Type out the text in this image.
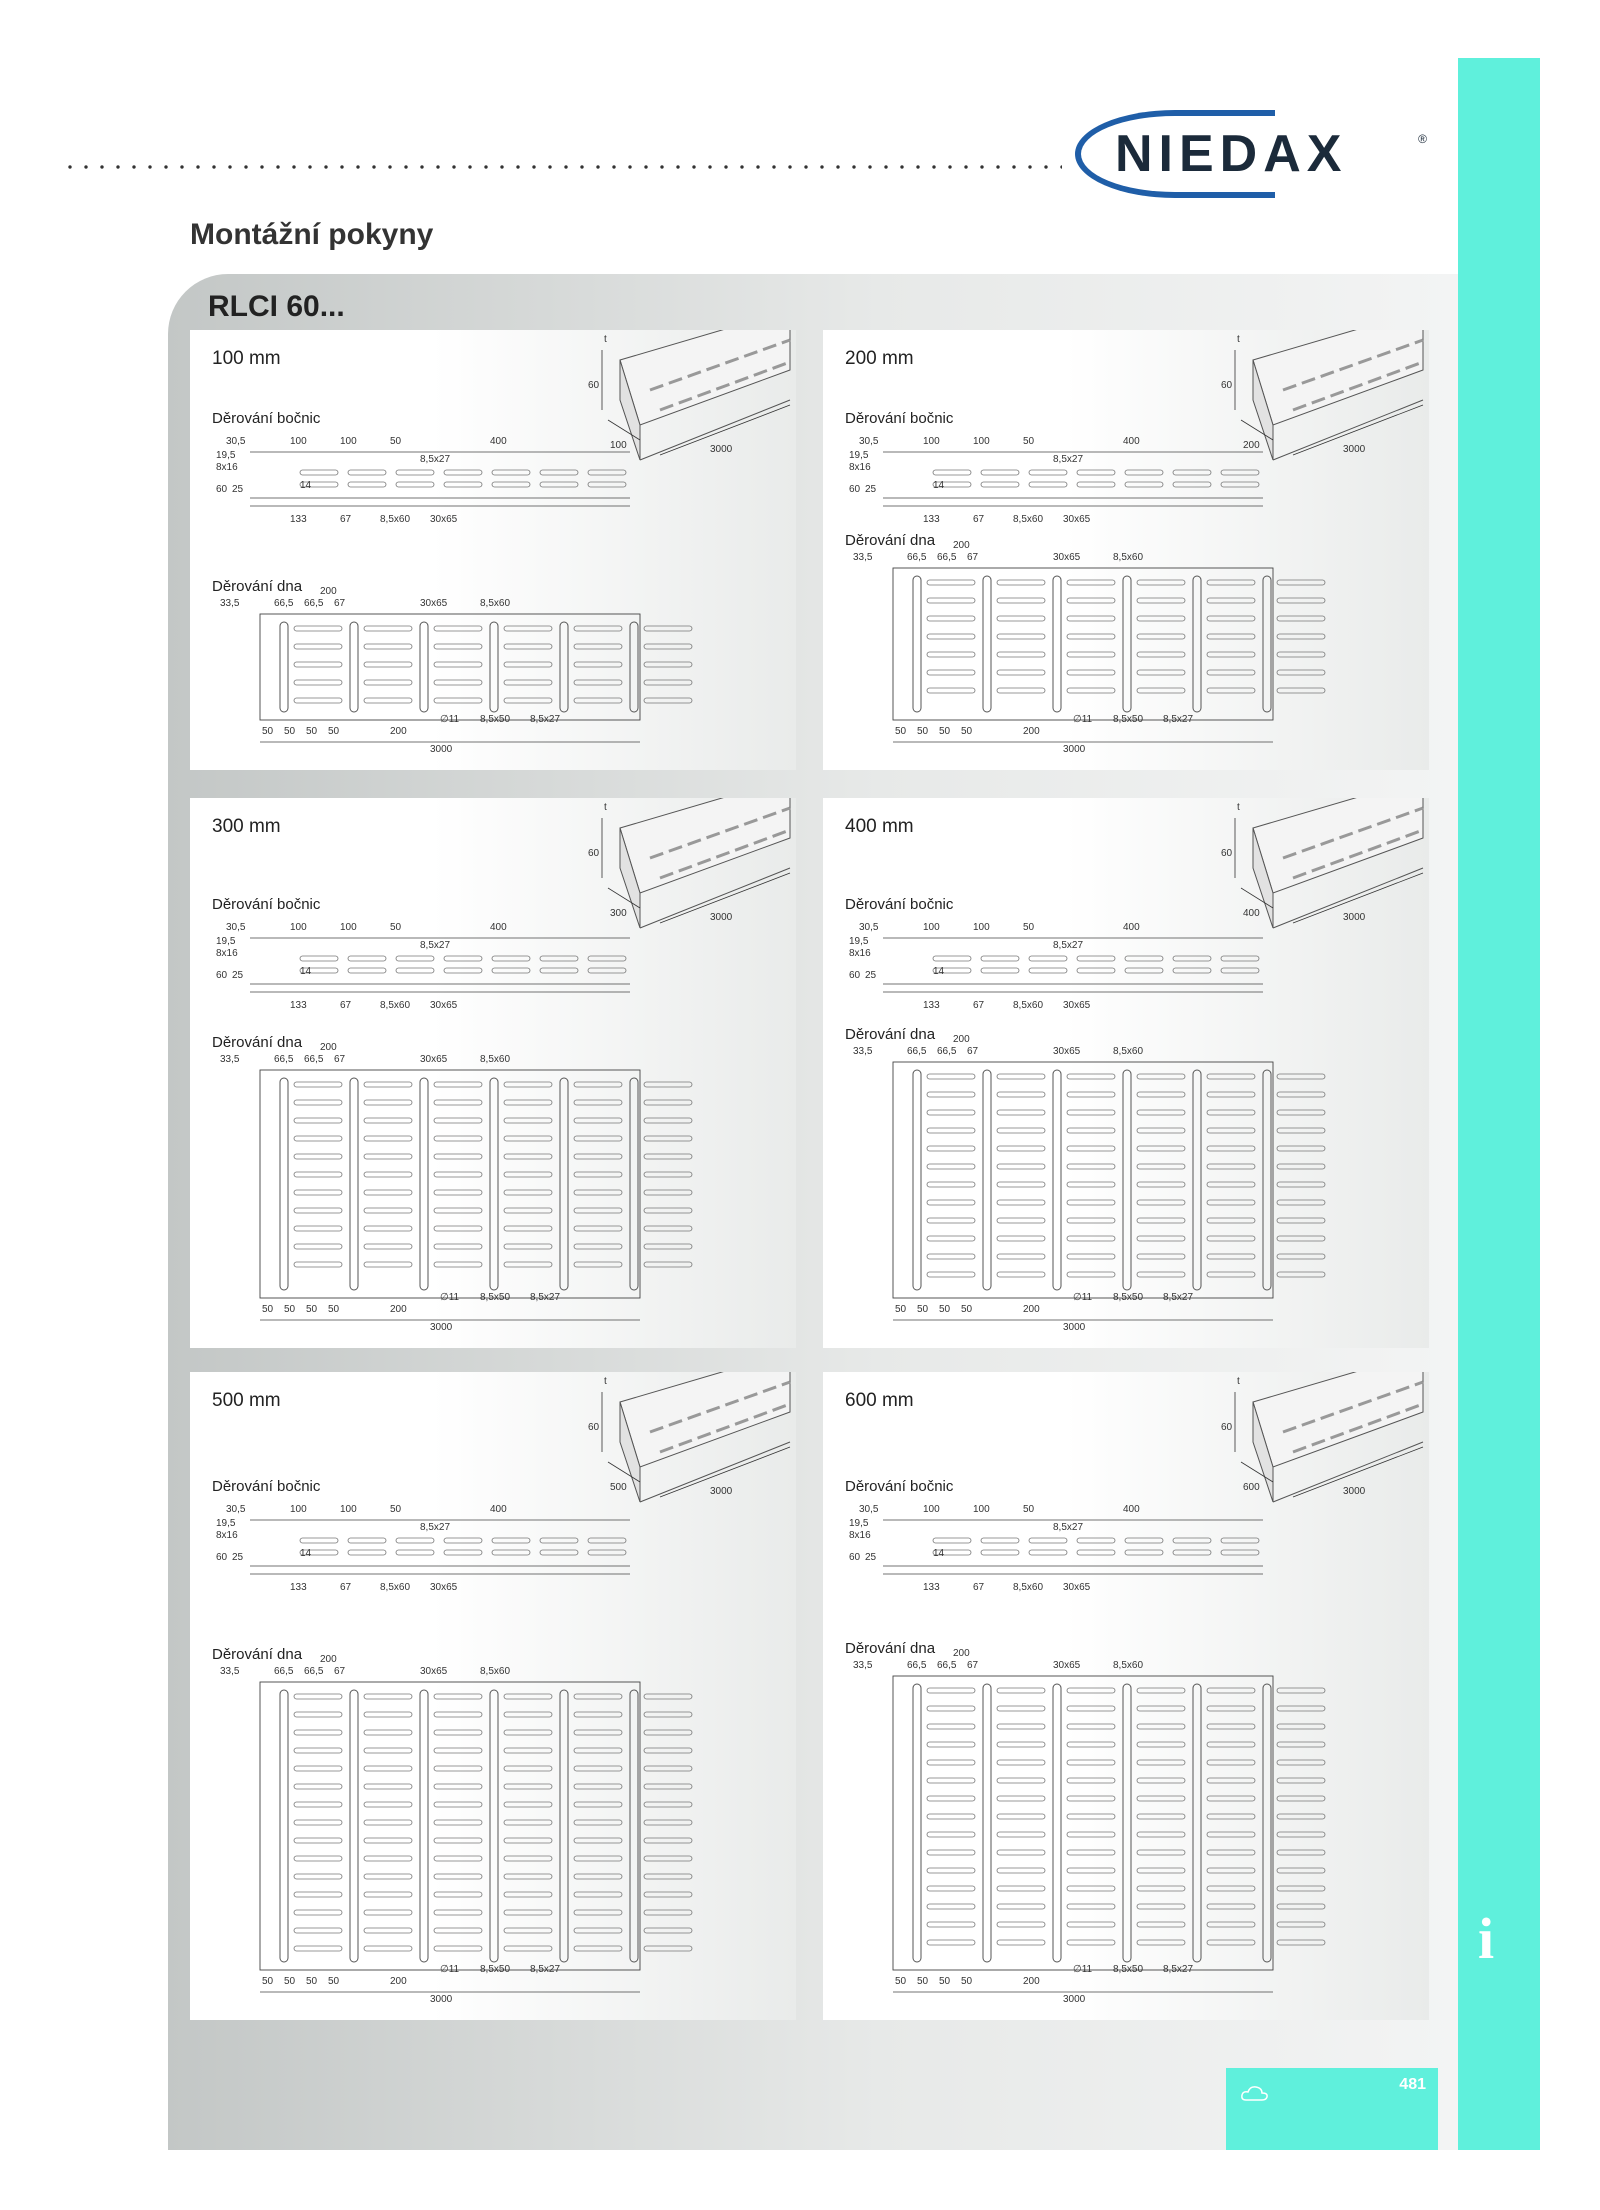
NIEDAX	®
Montážní pokyny
i
RLCI 60...
100 mm
Děrování bočnic
Děrování dna
t
60
100	3000
30,5
19,5
8x16
60 25
100	100	50	400
8,5x27
14
133	67	8,5x60 30x65
33,5	66,5 66,5 67
200
30x65	8,5x60
50 50 50 50	200
3000
∅11 8,5x50 8,5x27
200 mm
Děrování bočnic
Děrování dna
t
60
200	3000
30,5
19,5
8x16
60 25
100	100	50	400
8,5x27
14
133	67	8,5x60 30x65
33,5	66,5 66,5 67
200
30x65	8,5x60
50 50 50 50	200
3000
∅11 8,5x50 8,5x27
300 mm
Děrování bočnic
Děrování dna
t
60
300	3000
30,5
19,5
8x16
60 25
100	100	50	400
8,5x27
14
133	67	8,5x60 30x65
33,5	66,5 66,5 67
200
30x65	8,5x60
50 50 50 50	200
3000
∅11 8,5x50 8,5x27
400 mm
Děrování bočnic
Děrování dna
t
60
400	3000
30,5
19,5
8x16
60 25
100	100	50	400
8,5x27
14
133	67	8,5x60 30x65
33,5	66,5 66,5 67
200
30x65	8,5x60
50 50 50 50	200
3000
∅11 8,5x50 8,5x27
500 mm
Děrování bočnic
Děrování dna
t
60
500	3000
30,5
19,5
8x16
60 25
100	100	50	400
8,5x27
14
133	67	8,5x60 30x65
33,5	66,5 66,5 67
200
30x65	8,5x60
50 50 50 50	200
3000
∅11 8,5x50 8,5x27
600 mm
Děrování bočnic
Děrování dna
t
60
600	3000
30,5
19,5
8x16
60 25
100	100	50	400
8,5x27
14
133	67	8,5x60 30x65
33,5	66,5 66,5 67
200
30x65	8,5x60
50 50 50 50	200
3000
∅11 8,5x50 8,5x27
481
